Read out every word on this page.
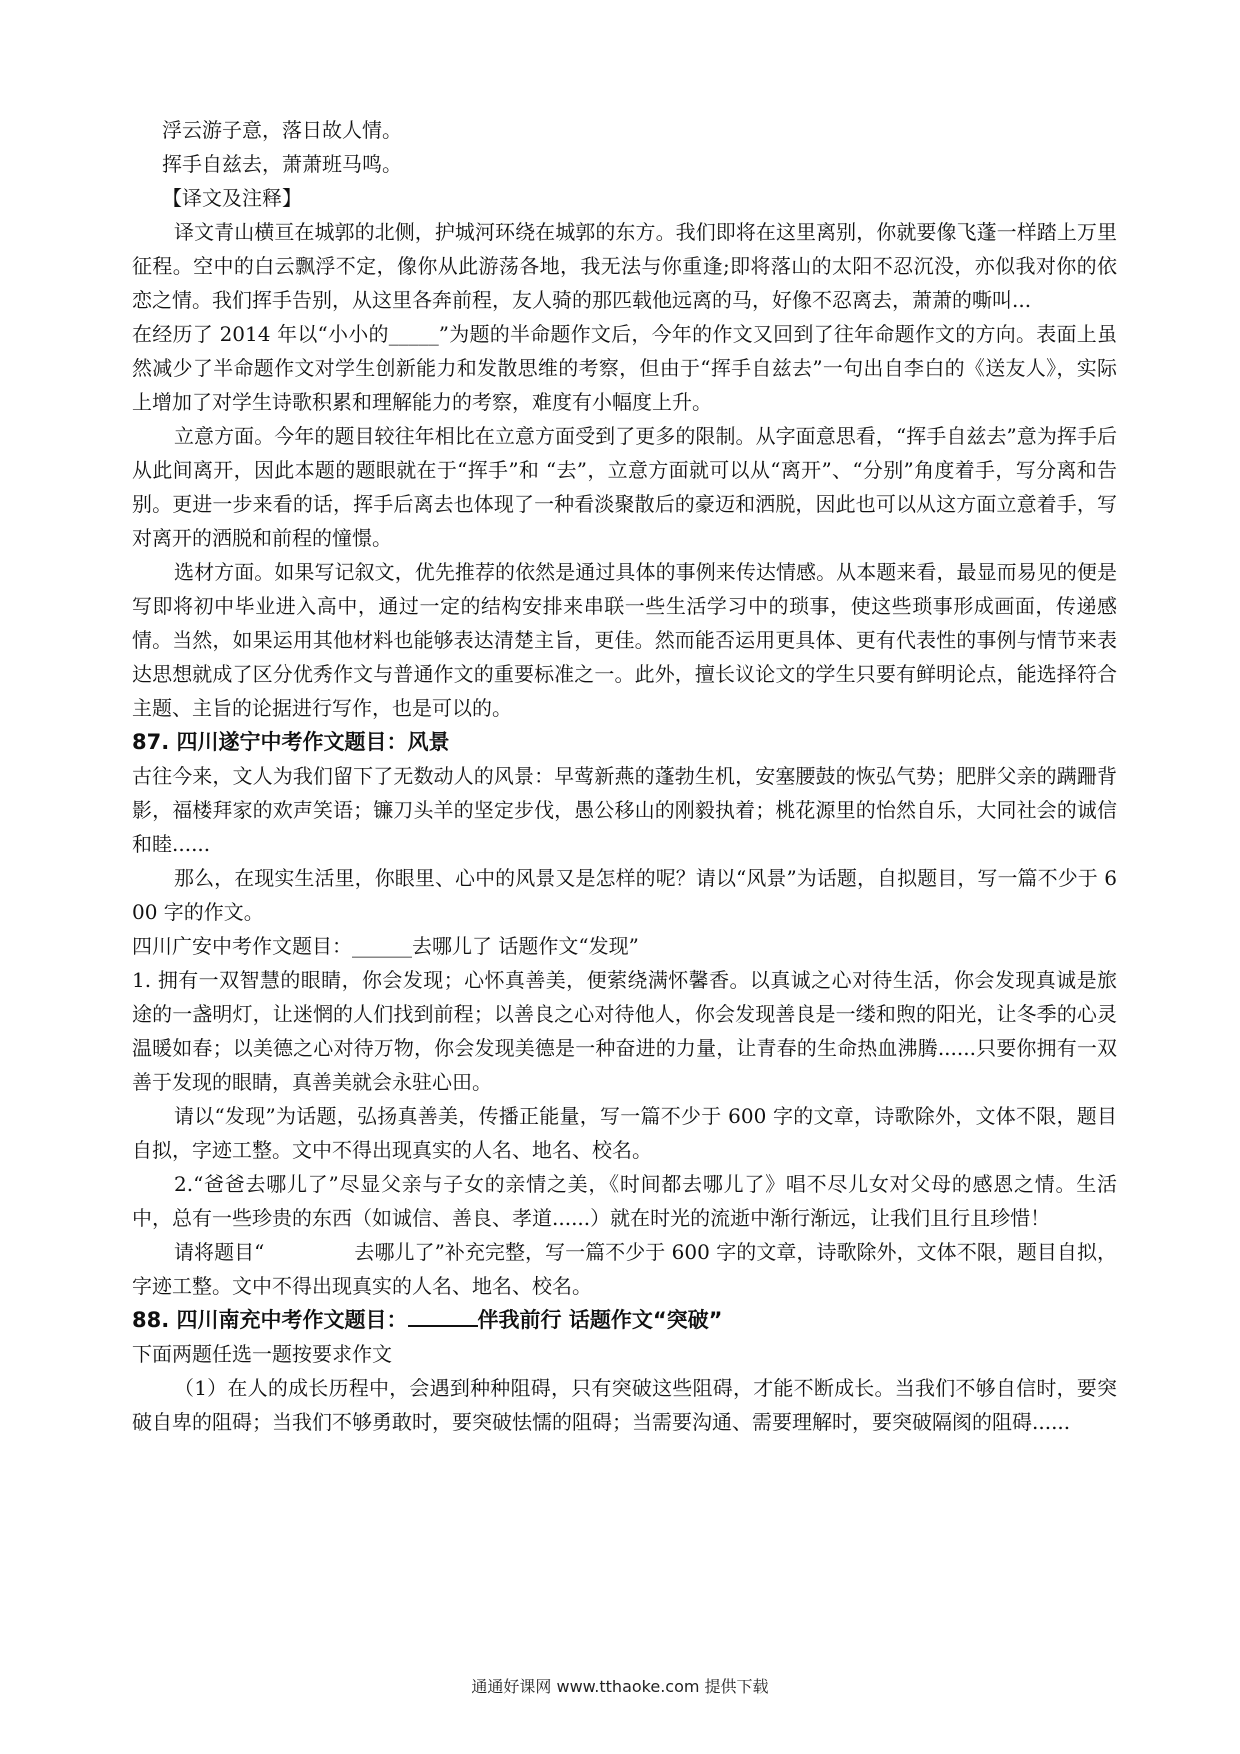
浮云游子意，落日故人情。

挥手自兹去，萧萧班马鸣。

【译文及注释】

译文青山横亘在城郭的北侧，护城河环绕在城郭的东方。我们即将在这里离别，你就要像飞蓬一样踏上万里征程。空中的白云飘浮不定，像你从此游荡各地，我无法与你重逢;即将落山的太阳不忍沉没，亦似我对你的依恋之情。我们挥手告别，从这里各奔前程，友人骑的那匹载他远离的马，好像不忍离去，萧萧的嘶叫...

在经历了 2014 年以“小小的_____”为题的半命题作文后，今年的作文又回到了往年命题作文的方向。表面上虽然减少了半命题作文对学生创新能力和发散思维的考察，但由于“挥手自兹去”一句出自李白的《送友人》，实际上增加了对学生诗歌积累和理解能力的考察，难度有小幅度上升。

立意方面。今年的题目较往年相比在立意方面受到了更多的限制。从字面意思看，“挥手自兹去”意为挥手后从此间离开，因此本题的题眼就在于“挥手”和 “去”，立意方面就可以从“离开”、“分别”角度着手，写分离和告别。更进一步来看的话，挥手后离去也体现了一种看淡聚散后的豪迈和洒脱，因此也可以从这方面立意着手，写对离开的洒脱和前程的憧憬。

选材方面。如果写记叙文，优先推荐的依然是通过具体的事例来传达情感。从本题来看，最显而易见的便是写即将初中毕业进入高中，通过一定的结构安排来串联一些生活学习中的琐事，使这些琐事形成画面，传递感情。当然，如果运用其他材料也能够表达清楚主旨，更佳。然而能否运用更具体、更有代表性的事例与情节来表达思想就成了区分优秀作文与普通作文的重要标准之一。此外，擅长议论文的学生只要有鲜明论点，能选择符合主题、主旨的论据进行写作，也是可以的。

87. 四川遂宁中考作文题目：风景

古往今来，文人为我们留下了无数动人的风景：早莺新燕的蓬勃生机，安塞腰鼓的恢弘气势；肥胖父亲的蹒跚背影，福楼拜家的欢声笑语；镰刀头羊的坚定步伐，愚公移山的刚毅执着；桃花源里的怡然自乐，大同社会的诚信和睦......

那么，在现实生活里，你眼里、心中的风景又是怎样的呢？请以“风景”为话题，自拟题目，写一篇不少于 600 字的作文。

四川广安中考作文题目：______去哪儿了 话题作文“发现”

1. 拥有一双智慧的眼睛，你会发现；心怀真善美，便萦绕满怀馨香。以真诚之心对待生活，你会发现真诚是旅途的一盏明灯，让迷惘的人们找到前程；以善良之心对待他人，你会发现善良是一缕和煦的阳光，让冬季的心灵温暖如春；以美德之心对待万物，你会发现美德是一种奋进的力量，让青春的生命热血沸腾......只要你拥有一双善于发现的眼睛，真善美就会永驻心田。

请以“发现”为话题，弘扬真善美，传播正能量，写一篇不少于 600 字的文章，诗歌除外，文体不限，题目自拟，字迹工整。文中不得出现真实的人名、地名、校名。

2.“爸爸去哪儿了”尽显父亲与子女的亲情之美，《时间都去哪儿了》唱不尽儿女对父母的感恩之情。生活中，总有一些珍贵的东西（如诚信、善良、孝道......）就在时光的流逝中渐行渐远，让我们且行且珍惜！

请将题目“	去哪儿了”补充完整，写一篇不少于 600 字的文章，诗歌除外，文体不限，题目自拟，字迹工整。文中不得出现真实的人名、地名、校名。

88. 四川南充中考作文题目：	伴我前行 话题作文“突破”

下面两题任选一题按要求作文

（1）在人的成长历程中，会遇到种种阻碍，只有突破这些阻碍，才能不断成长。当我们不够自信时，要突破自卑的阻碍；当我们不够勇敢时，要突破怯懦的阻碍；当需要沟通、需要理解时，要突破隔阂的阻碍......

通通好课网 www.tthaoke.com 提供下载
